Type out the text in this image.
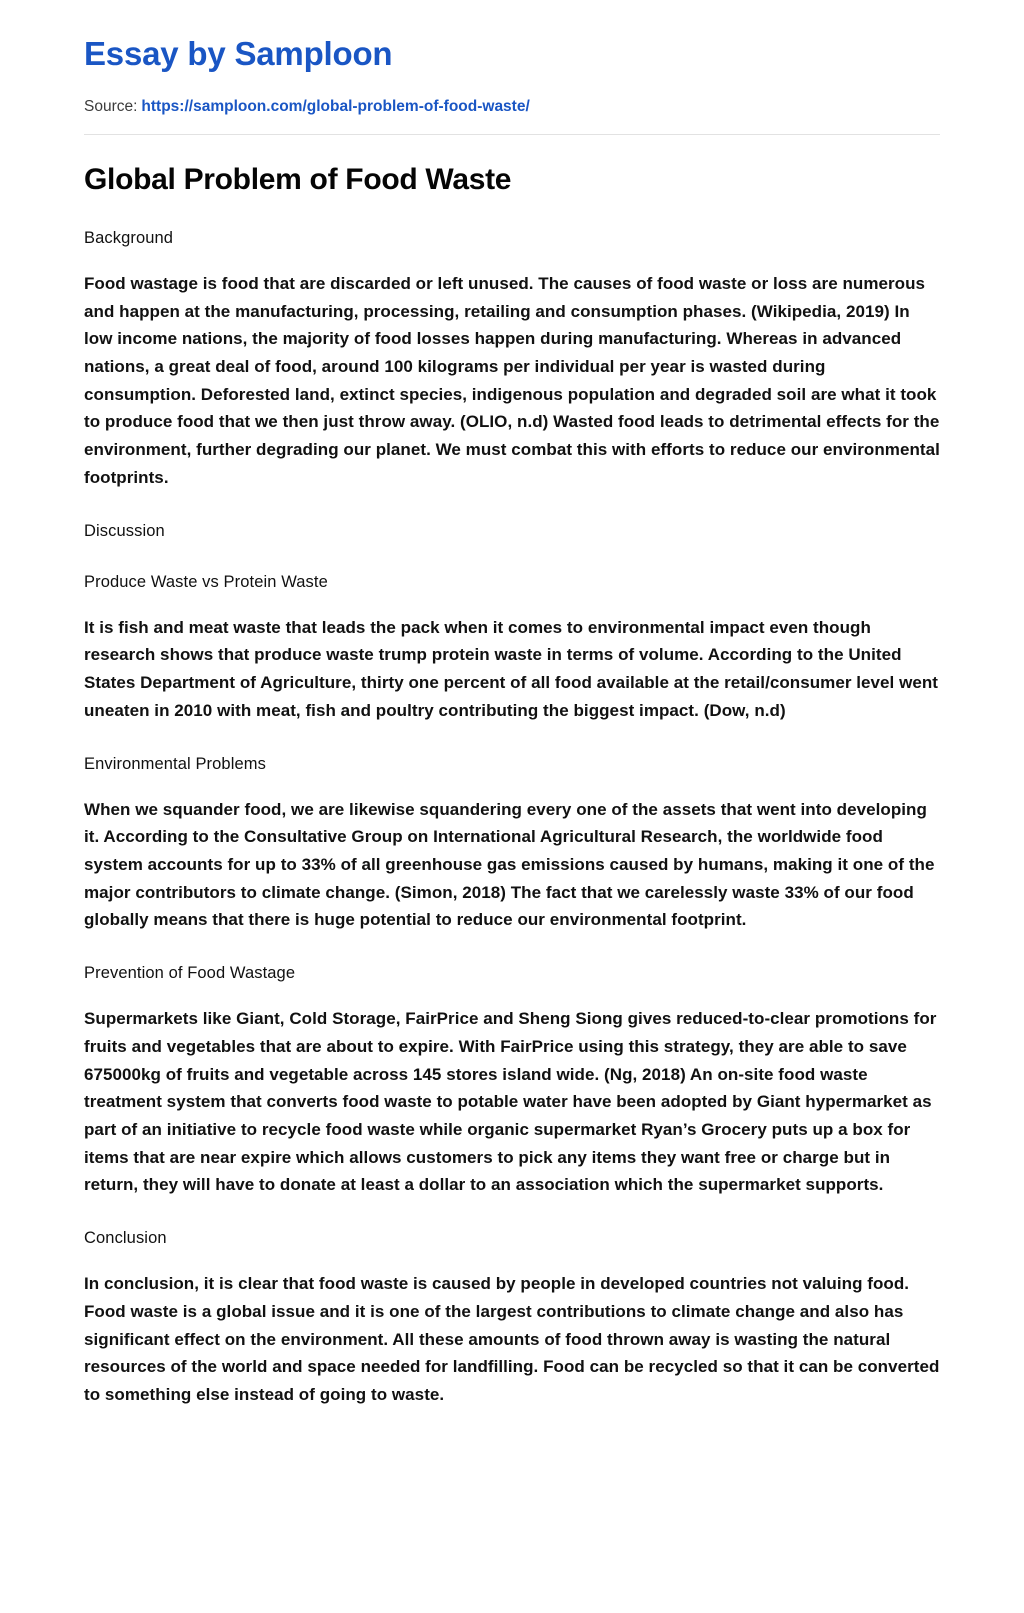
Essay by Samploon
Source: https://samploon.com/global-problem-of-food-waste/
Global Problem of Food Waste
Background

Food wastage is food that are discarded or left unused. The causes of food waste or loss are numerous and happen at the manufacturing, processing, retailing and consumption phases. (Wikipedia, 2019) In low income nations, the majority of food losses happen during manufacturing. Whereas in advanced nations, a great deal of food, around 100 kilograms per individual per year is wasted during consumption. Deforested land, extinct species, indigenous population and degraded soil are what it took to produce food that we then just throw away. (OLIO, n.d) Wasted food leads to detrimental effects for the environment, further degrading our planet. We must combat this with efforts to reduce our environmental footprints.

Discussion
Produce Waste vs Protein Waste

It is fish and meat waste that leads the pack when it comes to environmental impact even though research shows that produce waste trump protein waste in terms of volume. According to the United States Department of Agriculture, thirty one percent of all food available at the retail/consumer level went uneaten in 2010 with meat, fish and poultry contributing the biggest impact. (Dow, n.d)

Environmental Problems

When we squander food, we are likewise squandering every one of the assets that went into developing it. According to the Consultative Group on International Agricultural Research, the worldwide food system accounts for up to 33% of all greenhouse gas emissions caused by humans, making it one of the major contributors to climate change. (Simon, 2018) The fact that we carelessly waste 33% of our food globally means that there is huge potential to reduce our environmental footprint.

Prevention of Food Wastage

Supermarkets like Giant, Cold Storage, FairPrice and Sheng Siong gives reduced-to-clear promotions for fruits and vegetables that are about to expire. With FairPrice using this strategy, they are able to save 675000kg of fruits and vegetable across 145 stores island wide. (Ng, 2018) An on-site food waste treatment system that converts food waste to potable water have been adopted by Giant hypermarket as part of an initiative to recycle food waste while organic supermarket Ryan’s Grocery puts up a box for items that are near expire which allows customers to pick any items they want free or charge but in return, they will have to donate at least a dollar to an association which the supermarket supports.

Conclusion

In conclusion, it is clear that food waste is caused by people in developed countries not valuing food. Food waste is a global issue and it is one of the largest contributions to climate change and also has significant effect on the environment. All these amounts of food thrown away is wasting the natural resources of the world and space needed for landfilling. Food can be recycled so that it can be converted to something else instead of going to waste.
